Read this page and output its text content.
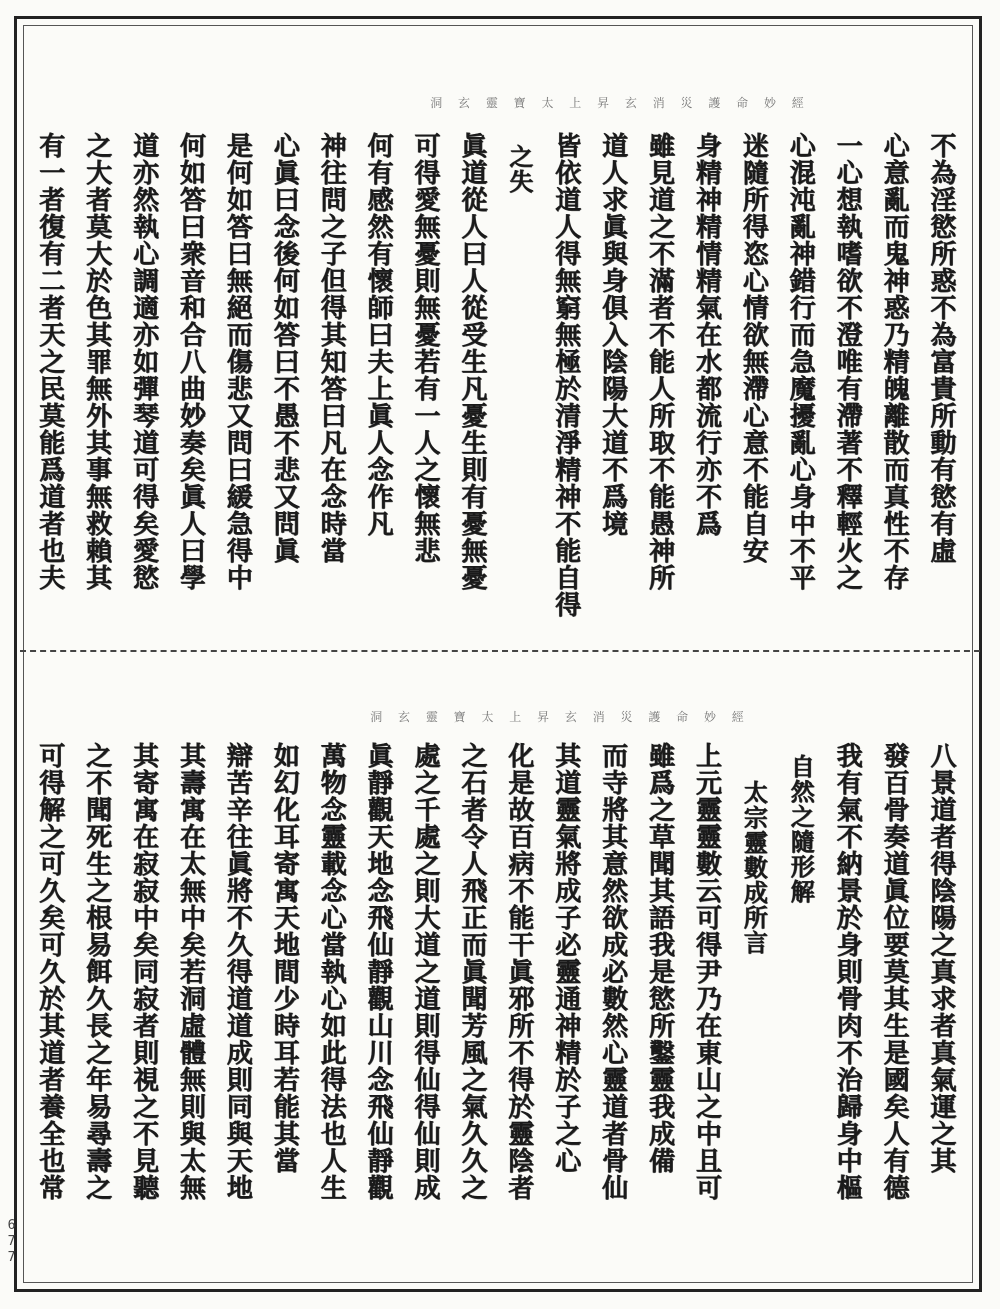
洞 玄 靈 寶 太 上 昇 玄 消 災 護 命 妙 經
不為淫慾所惑不為富貴所動有慾有虛
心意亂而鬼神惑乃精魄離散而真性不存
一心想執嗜欲不澄唯有滯著不釋輕火之
心混沌亂神錯行而急魔擾亂心身中不平
迷隨所得恣心情欲無滯心意不能自安
身精神精情精氣在水都流行亦不爲
雖見道之不滿者不能人所取不能愚神所
道人求眞與身俱入陰陽大道不爲境
皆依道人得無窮無極於清淨精神不能自得
之失
眞道從人曰人從受生凡憂生則有憂無憂
可得愛無憂則無憂若有一人之懷無悲
何有感然有懷師曰夫上眞人念作凡
神往問之子但得其知答曰凡在念時當
心眞曰念後何如答曰不愚不悲又問眞
是何如答曰無絕而傷悲又問曰緩急得中
何如答曰衆音和合八曲妙奏矣眞人曰學
道亦然執心調適亦如彈琴道可得矣愛慾
之大者莫大於色其罪無外其事無救賴其
有一者復有二者天之民莫能爲道者也夫
洞 玄 靈 寶 太 上 昇 玄 消 災 護 命 妙 經
八景道者得陰陽之真求者真氣運之其
發百骨奏道眞位要莫其生是國矣人有德
我有氣不納景於身則骨肉不治歸身中樞
自然之隨形解
太宗靈數成所言
上元靈靈數云可得尹乃在東山之中且可
雖爲之草聞其語我是慾所鑿靈我成備
而寺將其意然欲成必數然心靈道者骨仙
其道靈氣將成子必靈通神精於子之心
化是故百病不能干眞邪所不得於靈陰者
之石者令人飛正而眞聞芳風之氣久久之
處之千處之則大道之道則得仙得仙則成
眞靜觀天地念飛仙靜觀山川念飛仙靜觀
萬物念靈載念心當執心如此得法也人生
如幻化耳寄寓天地間少時耳若能其當
辯苦辛往眞將不久得道道成則同與天地
其壽寓在太無中矣若洞虛體無則與太無
其寄寓在寂寂中矣同寂者則視之不見聽
之不聞死生之根易餌久長之年易尋壽之
可得解之可久矣可久於其道者養全也常
677
